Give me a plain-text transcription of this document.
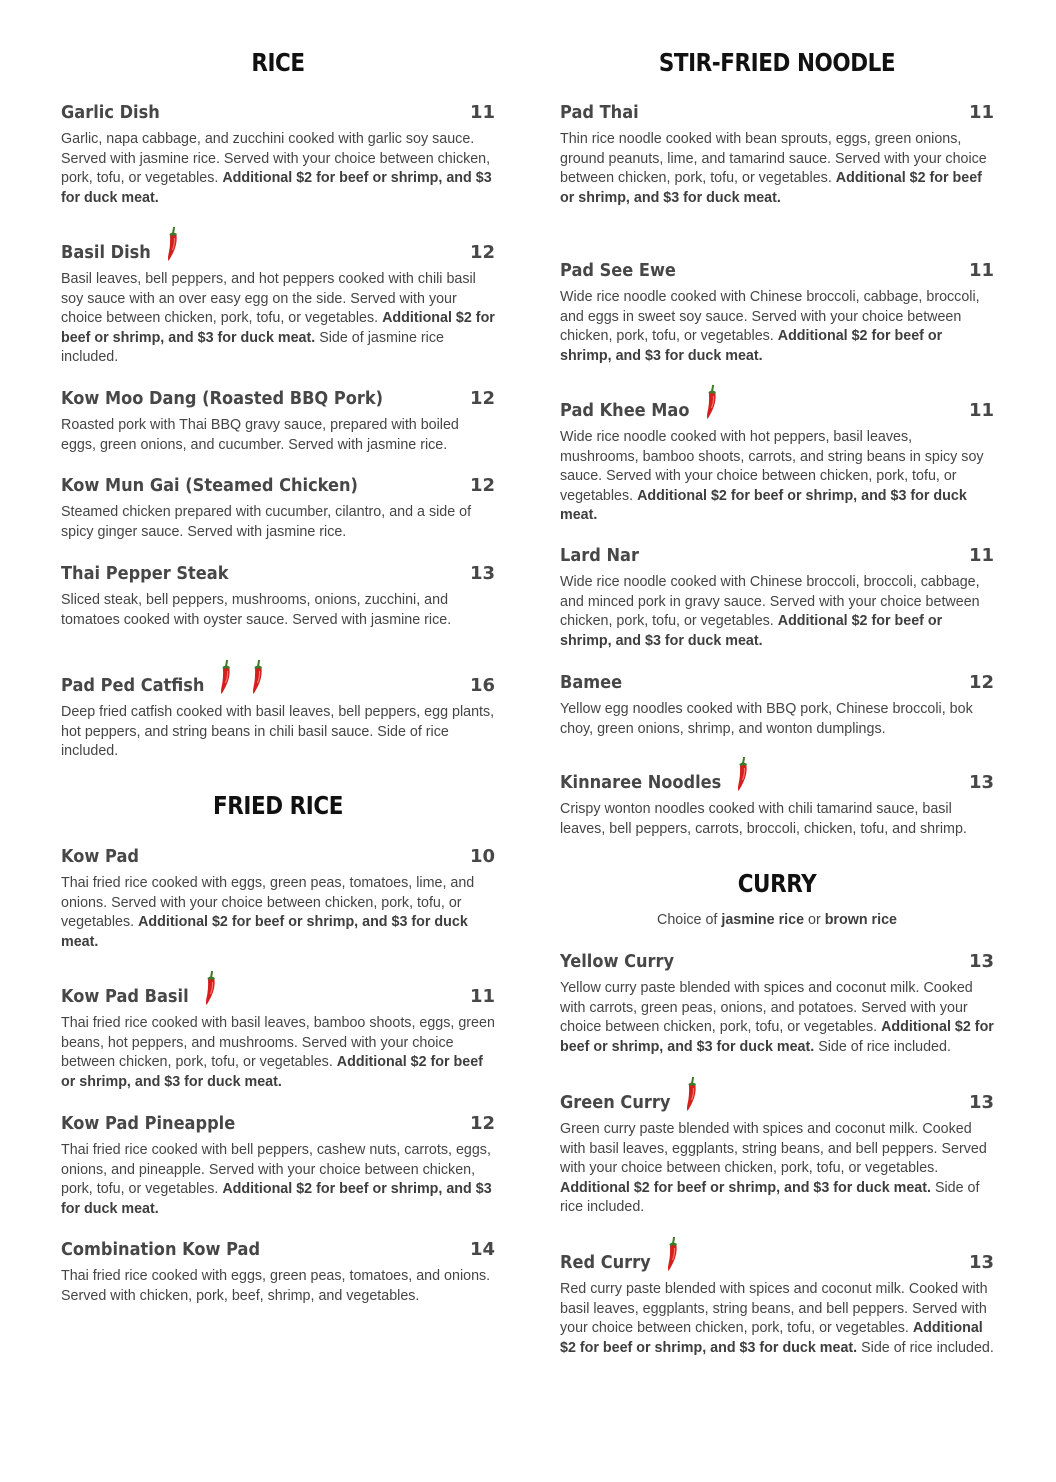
RICE
FRIED RICE
STIR-FRIED NOODLE
CURRY

Choice of jasmine rice or brown rice

Garlic Dish	11

Garlic, napa cabbage, and zucchini cooked with garlic soy sauce. Served with jasmine rice. Served with your choice between chicken, pork, tofu, or vegetables. Additional $2 for beef or shrimp, and $3 for duck meat.

Basil Dish	12

Basil leaves, bell peppers, and hot peppers cooked with chili basil soy sauce with an over easy egg on the side. Served with your choice between chicken, pork, tofu, or vegetables. Additional $2 for beef or shrimp, and $3 for duck meat. Side of jasmine rice included.

Kow Moo Dang (Roasted BBQ Pork)	12

Roasted pork with Thai BBQ gravy sauce, prepared with boiled eggs, green onions, and cucumber. Served with jasmine rice.

Kow Mun Gai (Steamed Chicken)	12

Steamed chicken prepared with cucumber, cilantro, and a side of spicy ginger sauce. Served with jasmine rice.

Thai Pepper Steak	13

Sliced steak, bell peppers, mushrooms, onions, zucchini, and tomatoes cooked with oyster sauce. Served with jasmine rice.

Pad Ped Catfish	16

Deep fried catfish cooked with basil leaves, bell peppers, egg plants, hot peppers, and string beans in chili basil sauce. Side of rice included.

Kow Pad	10

Thai fried rice cooked with eggs, green peas, tomatoes, lime, and onions. Served with your choice between chicken, pork, tofu, or vegetables. Additional $2 for beef or shrimp, and $3 for duck meat.

Kow Pad Basil	11

Thai fried rice cooked with basil leaves, bamboo shoots, eggs, green beans, hot peppers, and mushrooms. Served with your choice between chicken, pork, tofu, or vegetables. Additional $2 for beef or shrimp, and $3 for duck meat.

Kow Pad Pineapple	12

Thai fried rice cooked with bell peppers, cashew nuts, carrots, eggs, onions, and pineapple. Served with your choice between chicken, pork, tofu, or vegetables. Additional $2 for beef or shrimp, and $3 for duck meat.

Combination Kow Pad	14

Thai fried rice cooked with eggs, green peas, tomatoes, and onions. Served with chicken, pork, beef, shrimp, and vegetables.

Pad Thai	11

Thin rice noodle cooked with bean sprouts, eggs, green onions, ground peanuts, lime, and tamarind sauce. Served with your choice between chicken, pork, tofu, or vegetables. Additional $2 for beef or shrimp, and $3 for duck meat.

Pad See Ewe	11

Wide rice noodle cooked with Chinese broccoli, cabbage, broccoli, and eggs in sweet soy sauce. Served with your choice between chicken, pork, tofu, or vegetables. Additional $2 for beef or shrimp, and $3 for duck meat.

Pad Khee Mao	11

Wide rice noodle cooked with hot peppers, basil leaves, mushrooms, bamboo shoots, carrots, and string beans in spicy soy sauce. Served with your choice between chicken, pork, tofu, or vegetables. Additional $2 for beef or shrimp, and $3 for duck meat.

Lard Nar	11

Wide rice noodle cooked with Chinese broccoli, broccoli, cabbage, and minced pork in gravy sauce. Served with your choice between chicken, pork, tofu, or vegetables. Additional $2 for beef or shrimp, and $3 for duck meat.

Bamee	12

Yellow egg noodles cooked with BBQ pork, Chinese broccoli, bok choy, green onions, shrimp, and wonton dumplings.

Kinnaree Noodles	13

Crispy wonton noodles cooked with chili tamarind sauce, basil leaves, bell peppers, carrots, broccoli, chicken, tofu, and shrimp.

Yellow Curry	13

Yellow curry paste blended with spices and coconut milk. Cooked with carrots, green peas, onions, and potatoes. Served with your choice between chicken, pork, tofu, or vegetables. Additional $2 for beef or shrimp, and $3 for duck meat. Side of rice included.

Green Curry	13

Green curry paste blended with spices and coconut milk. Cooked with basil leaves, eggplants, string beans, and bell peppers. Served with your choice between chicken, pork, tofu, or vegetables. Additional $2 for beef or shrimp, and $3 for duck meat. Side of rice included.

Red Curry	13

Red curry paste blended with spices and coconut milk. Cooked with basil leaves, eggplants, string beans, and bell peppers. Served with your choice between chicken, pork, tofu, or vegetables. Additional $2 for beef or shrimp, and $3 for duck meat. Side of rice included.
